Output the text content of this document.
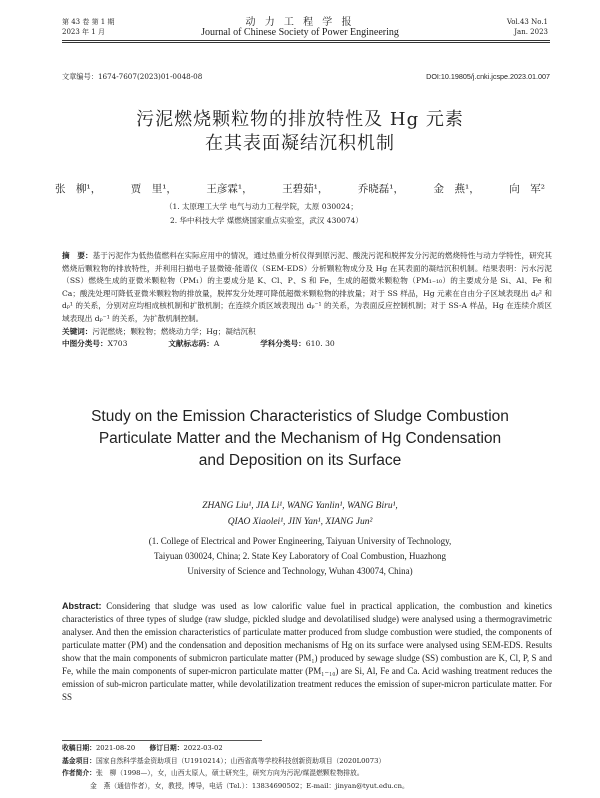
第 43 卷 第 1 期
2023 年 1 月
动 力 工 程 学 报
Journal of Chinese Society of Power Engineering
Vol.43 No.1
Jan. 2023
文章编号：1674-7607(2023)01-0048-08	DOI:10.19805/j.cnki.jcspe.2023.01.007
污泥燃烧颗粒物的排放特性及 Hg 元素
在其表面凝结沉积机制
张　柳¹，	贾　里¹，	王彦霖¹，	王碧茹¹，	乔晓磊¹，	金　燕¹，	向　军²
（1. 太原理工大学 电气与动力工程学院，太原 030024；
2. 华中科技大学 煤燃烧国家重点实验室，武汉 430074）

摘　要：基于污泥作为低热值燃料在实际应用中的情况，通过热重分析仪得到原污泥、酸洗污泥和脱挥发分污泥的燃烧特性与动力学特性，研究其燃烧后颗粒物的排放特性，并利用扫描电子显微镜-能谱仪（SEM-EDS）分析颗粒物成分及 Hg 在其表面的凝结沉积机制。结果表明：污水污泥（SS）燃烧生成的亚微米颗粒物（PM₁）的主要成分是 K、Cl、P、S 和 Fe，生成的超微米颗粒物（PM₁₋₁₀）的主要成分是 Si、Al、Fe 和 Ca；酸洗处理可降低亚微米颗粒物的排放量，脱挥发分处理可降低超微米颗粒物的排放量；对于 SS 样品，Hg 元素在自由分子区域表现出 dₚ² 和 dₚ¹ 的关系，分别对应均相成核机制和扩散机制；在连续介质区域表现出 dₚ⁻¹ 的关系，为表面反应控制机制；对于 SS-A 样品，Hg 在连续介质区域表现出 dₚ⁻¹ 的关系，为扩散机制控制。

关键词：污泥燃烧；颗粒物；燃烧动力学；Hg；凝结沉积

中图分类号：X703	文献标志码：A	学科分类号：610. 30

Study on the Emission Characteristics of Sludge Combustion
Particulate Matter and the Mechanism of Hg Condensation
and Deposition on its Surface
ZHANG Liu¹, JIA Li¹, WANG Yanlin¹, WANG Biru¹,
QIAO Xiaolei¹, JIN Yan¹, XIANG Jun²
(1. College of Electrical and Power Engineering, Taiyuan University of Technology,
Taiyuan 030024, China; 2. State Key Laboratory of Coal Combustion, Huazhong
University of Science and Technology, Wuhan 430074, China)

Abstract: Considering that sludge was used as low calorific value fuel in practical application, the combustion and kinetics characteristics of three types of sludge (raw sludge, pickled sludge and devolatilised sludge) were analysed using a thermogravimetric analyser. And then the emission characteristics of particulate matter produced from sludge combustion were studied, the components of particulate matter (PM) and the condensation and deposition mechanisms of Hg on its surface were analysed using SEM-EDS. Results show that the main components of submicron particulate matter (PM₁) produced by sewage sludge (SS) combustion are K, Cl, P, S and Fe, while the main components of super-micron particulate matter (PM₁₋₁₀) are Si, Al, Fe and Ca. Acid washing treatment reduces the emission of sub-micron particulate matter, while devolatilization treatment reduces the emission of super-micron particulate matter. For SS

收稿日期：2021-08-20 修订日期：2022-03-02

基金项目：国家自然科学基金资助项目（U1910214）；山西省高等学校科技创新资助项目（2020L0073）

作者简介：张　柳（1998—），女，山西太原人，硕士研究生，研究方向为污泥/煤混燃颗粒物排放。

金　燕（通信作者），女，教授，博导，电话（Tel.）：13834690502；E-mail：jinyan@tyut.edu.cn。
